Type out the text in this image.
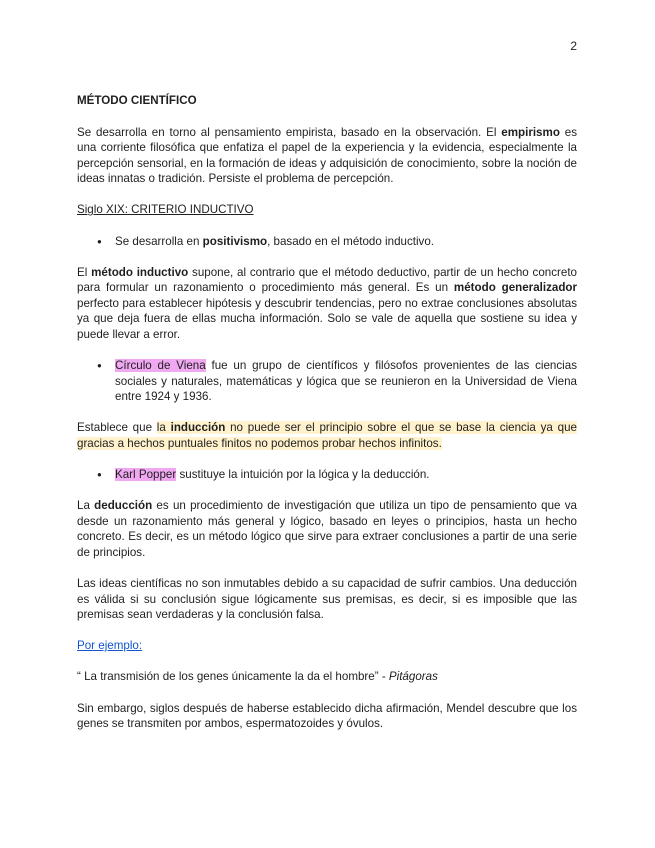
2
MÉTODO CIENTÍFICO

Se desarrolla en torno al pensamiento empirista, basado en la observación. El empirismo es una corriente filosófica que enfatiza el papel de la experiencia y la evidencia, especialmente la percepción sensorial, en la formación de ideas y adquisición de conocimiento, sobre la noción de ideas innatas o tradición. Persiste el problema de percepción.

Siglo XIX: CRITERIO INDUCTIVO

● Se desarrolla en positivismo, basado en el método inductivo.

El método inductivo supone, al contrario que el método deductivo, partir de un hecho concreto para formular un razonamiento o procedimiento más general. Es un método generalizador perfecto para establecer hipótesis y descubrir tendencias, pero no extrae conclusiones absolutas ya que deja fuera de ellas mucha información. Solo se vale de aquella que sostiene su idea y puede llevar a error.

● Círculo de Viena fue un grupo de científicos y filósofos provenientes de las ciencias sociales y naturales, matemáticas y lógica que se reunieron en la Universidad de Viena entre 1924 y 1936.

Establece que la inducción no puede ser el principio sobre el que se base la ciencia ya que gracias a hechos puntuales finitos no podemos probar hechos infinitos.

● Karl Popper sustituye la intuición por la lógica y la deducción.

La deducción es un procedimiento de investigación que utiliza un tipo de pensamiento que va desde un razonamiento más general y lógico, basado en leyes o principios, hasta un hecho concreto. Es decir, es un método lógico que sirve para extraer conclusiones a partir de una serie de principios.

Las ideas científicas no son inmutables debido a su capacidad de sufrir cambios. Una deducción es válida si su conclusión sigue lógicamente sus premisas, es decir, si es imposible que las premisas sean verdaderas y la conclusión falsa.

Por ejemplo:

“ La transmisión de los genes únicamente la da el hombre” - Pitágoras

Sin embargo, siglos después de haberse establecido dicha afirmación, Mendel descubre que los genes se transmiten por ambos, espermatozoides y óvulos.
